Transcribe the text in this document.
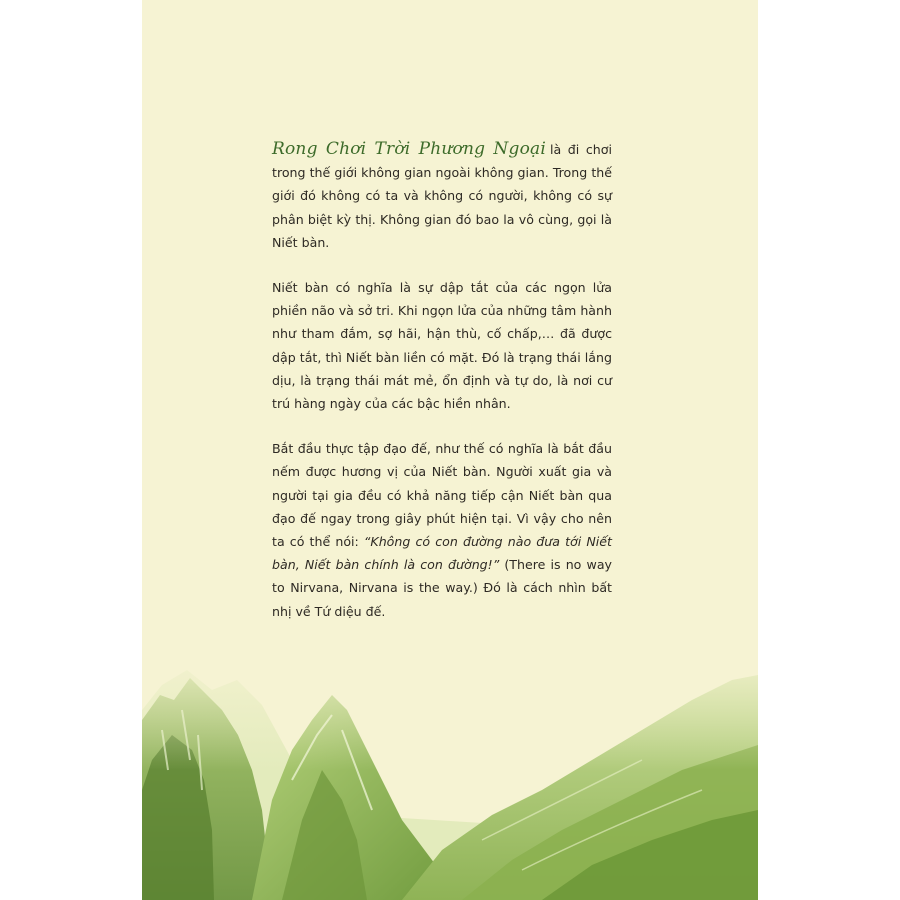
Rong Chơi Trời Phương Ngoại là đi chơi trong thế giới không gian ngoài không gian. Trong thế giới đó không có ta và không có người, không có sự phân biệt kỳ thị. Không gian đó bao la vô cùng, gọi là Niết bàn.

Niết bàn có nghĩa là sự dập tắt của các ngọn lửa phiền não và sở tri. Khi ngọn lửa của những tâm hành như tham đắm, sợ hãi, hận thù, cố chấp,… đã được dập tắt, thì Niết bàn liền có mặt. Đó là trạng thái lắng dịu, là trạng thái mát mẻ, ổn định và tự do, là nơi cư trú hàng ngày của các bậc hiền nhân.

Bắt đầu thực tập đạo đế, như thế có nghĩa là bắt đầu nếm được hương vị của Niết bàn. Người xuất gia và người tại gia đều có khả năng tiếp cận Niết bàn qua đạo đế ngay trong giây phút hiện tại. Vì vậy cho nên ta có thể nói: “Không có con đường nào đưa tới Niết bàn, Niết bàn chính là con đường!” (There is no way to Nirvana, Nirvana is the way.) Đó là cách nhìn bất nhị về Tứ diệu đế.
